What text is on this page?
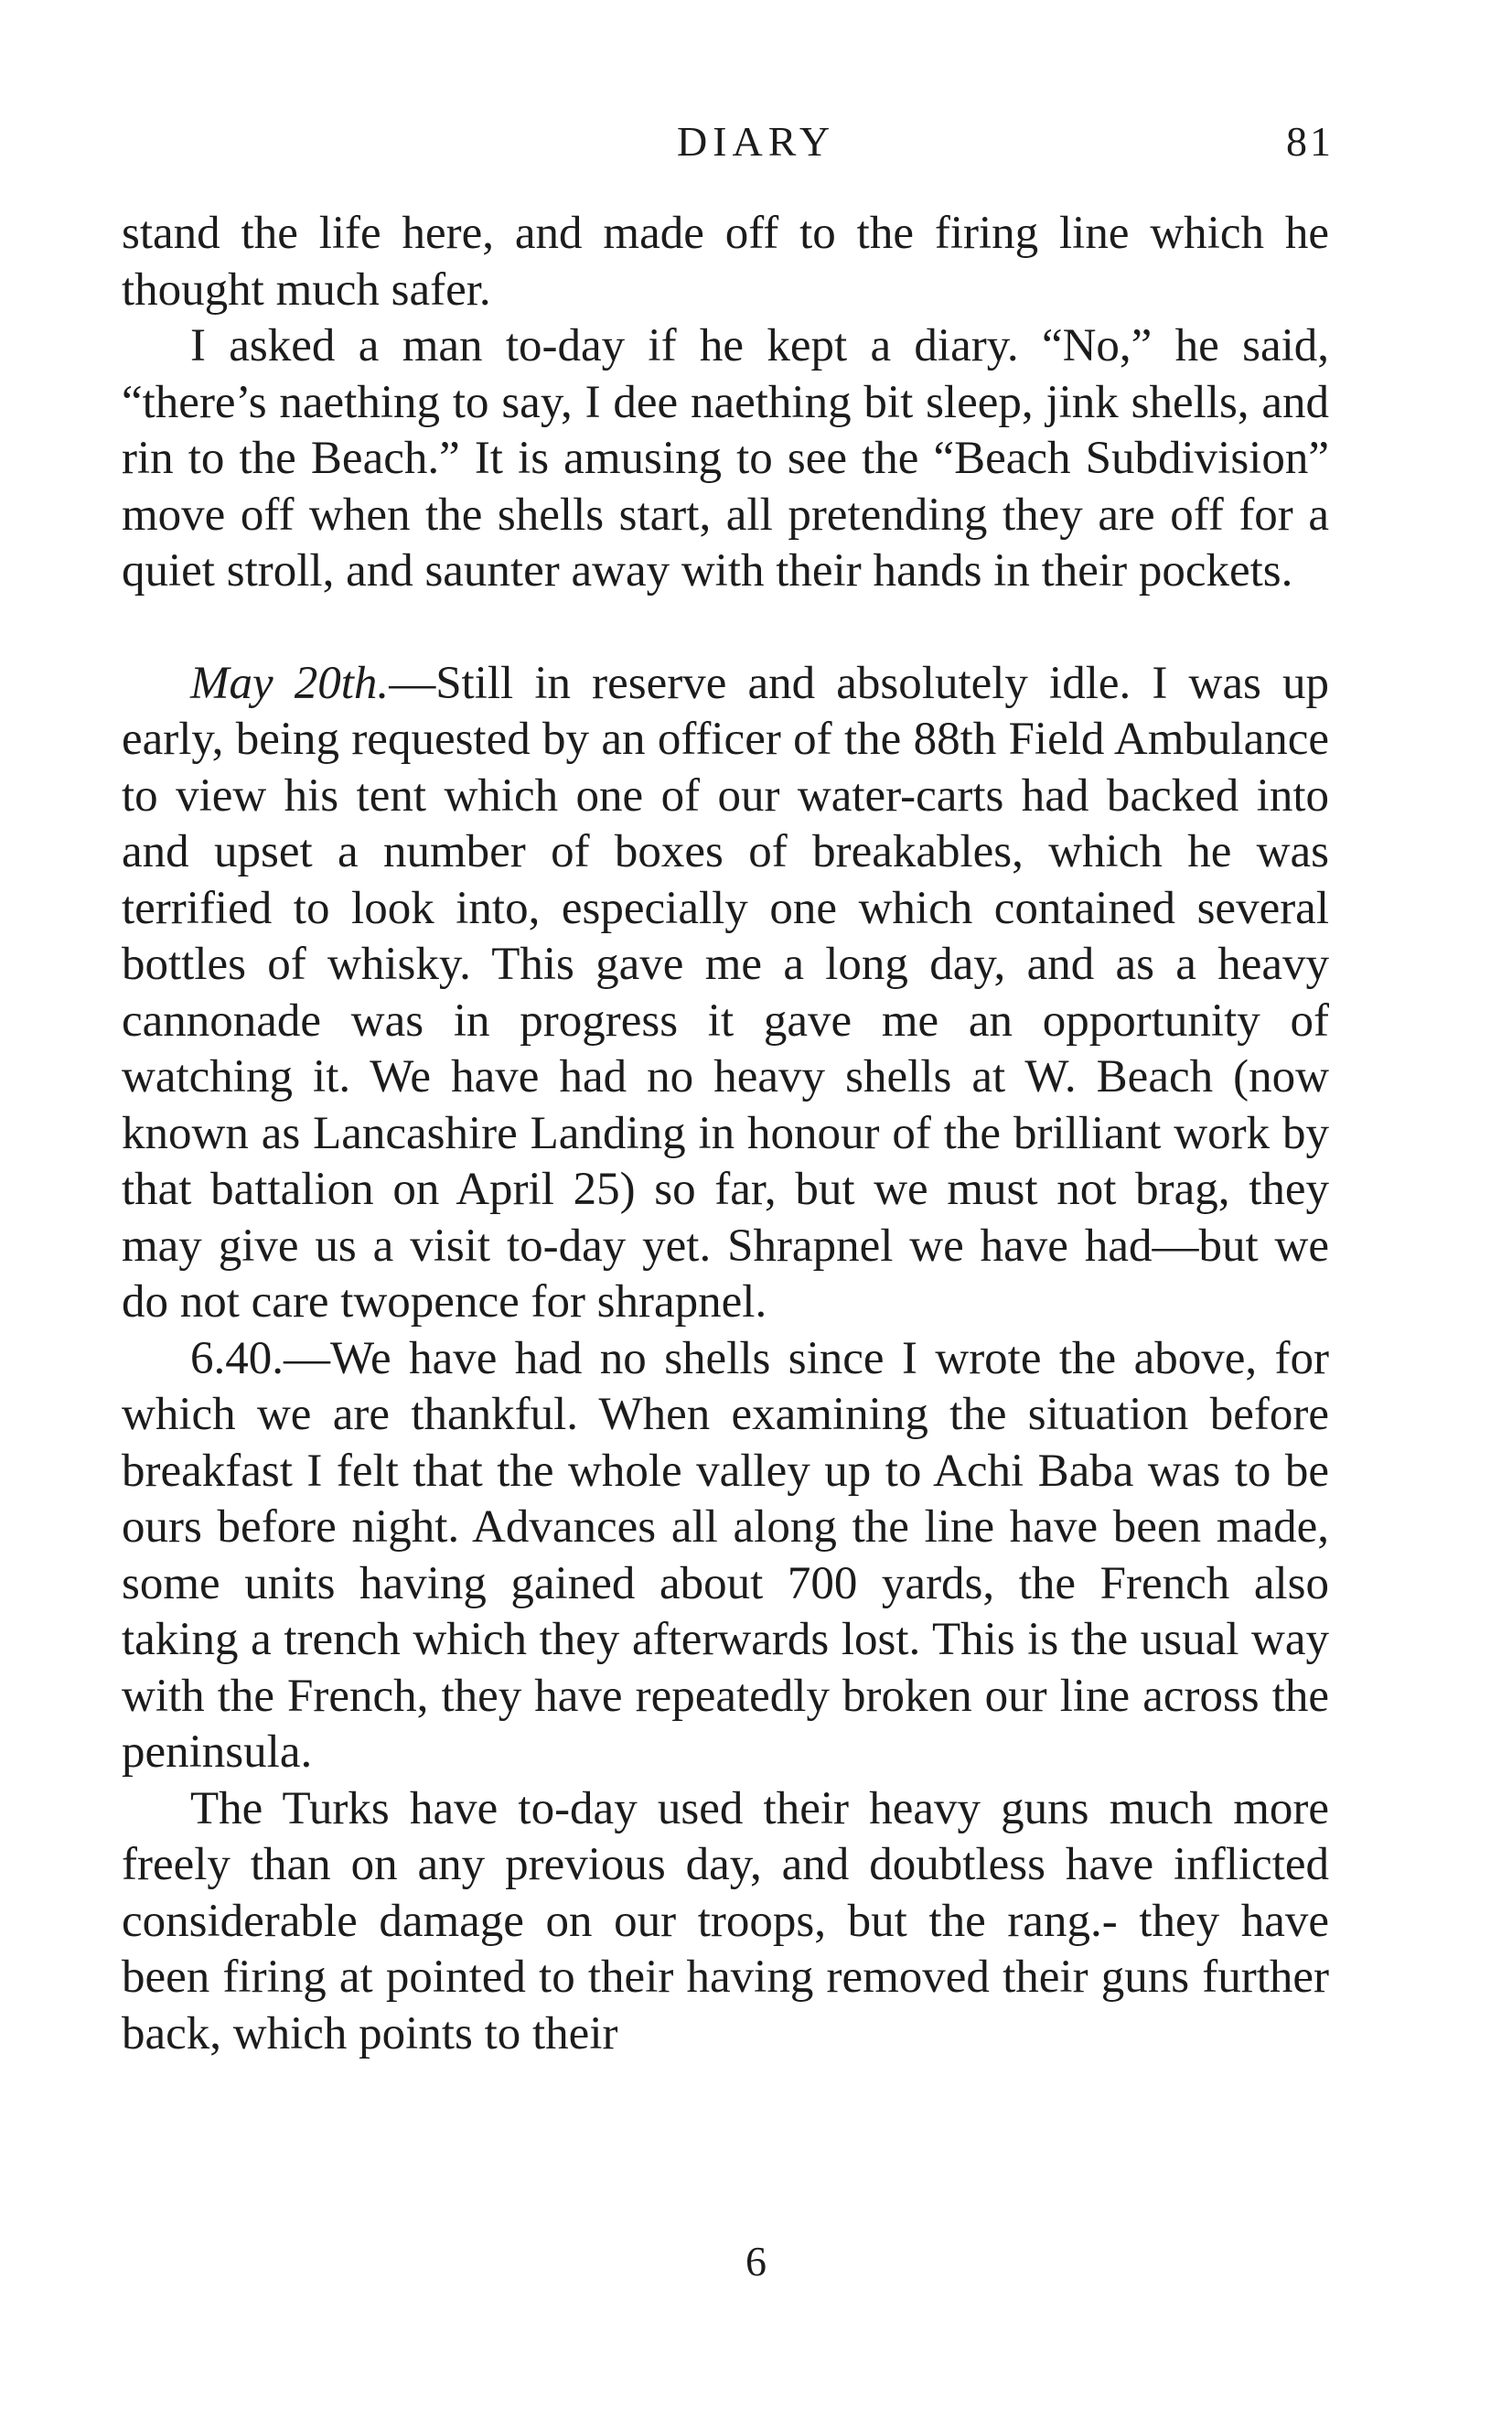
DIARY	81

stand the life here, and made off to the firing line which he thought much safer.

I asked a man to-day if he kept a diary. “No,” he said, “there’s naething to say, I dee naething bit sleep, jink shells, and rin to the Beach.” It is amusing to see the “Beach Subdivision” move off when the shells start, all pretending they are off for a quiet stroll, and saunter away with their hands in their pockets.

May 20th.—Still in reserve and absolutely idle. I was up early, being requested by an officer of the 88th Field Ambulance to view his tent which one of our water-carts had backed into and upset a number of boxes of breakables, which he was terrified to look into, especially one which contained several bottles of whisky. This gave me a long day, and as a heavy cannonade was in progress it gave me an opportunity of watching it. We have had no heavy shells at W. Beach (now known as Lancashire Landing in honour of the brilliant work by that battalion on April 25) so far, but we must not brag, they may give us a visit to-day yet. Shrapnel we have had—but we do not care twopence for shrapnel.

6.40.—We have had no shells since I wrote the above, for which we are thankful. When examining the situation before breakfast I felt that the whole valley up to Achi Baba was to be ours before night. Advances all along the line have been made, some units having gained about 700 yards, the French also taking a trench which they afterwards lost. This is the usual way with the French, they have repeatedly broken our line across the peninsula.

The Turks have to-day used their heavy guns much more freely than on any previous day, and doubtless have inflicted considerable damage on our troops, but the rang.- they have been firing at pointed to their having removed their guns further back, which points to their

6
